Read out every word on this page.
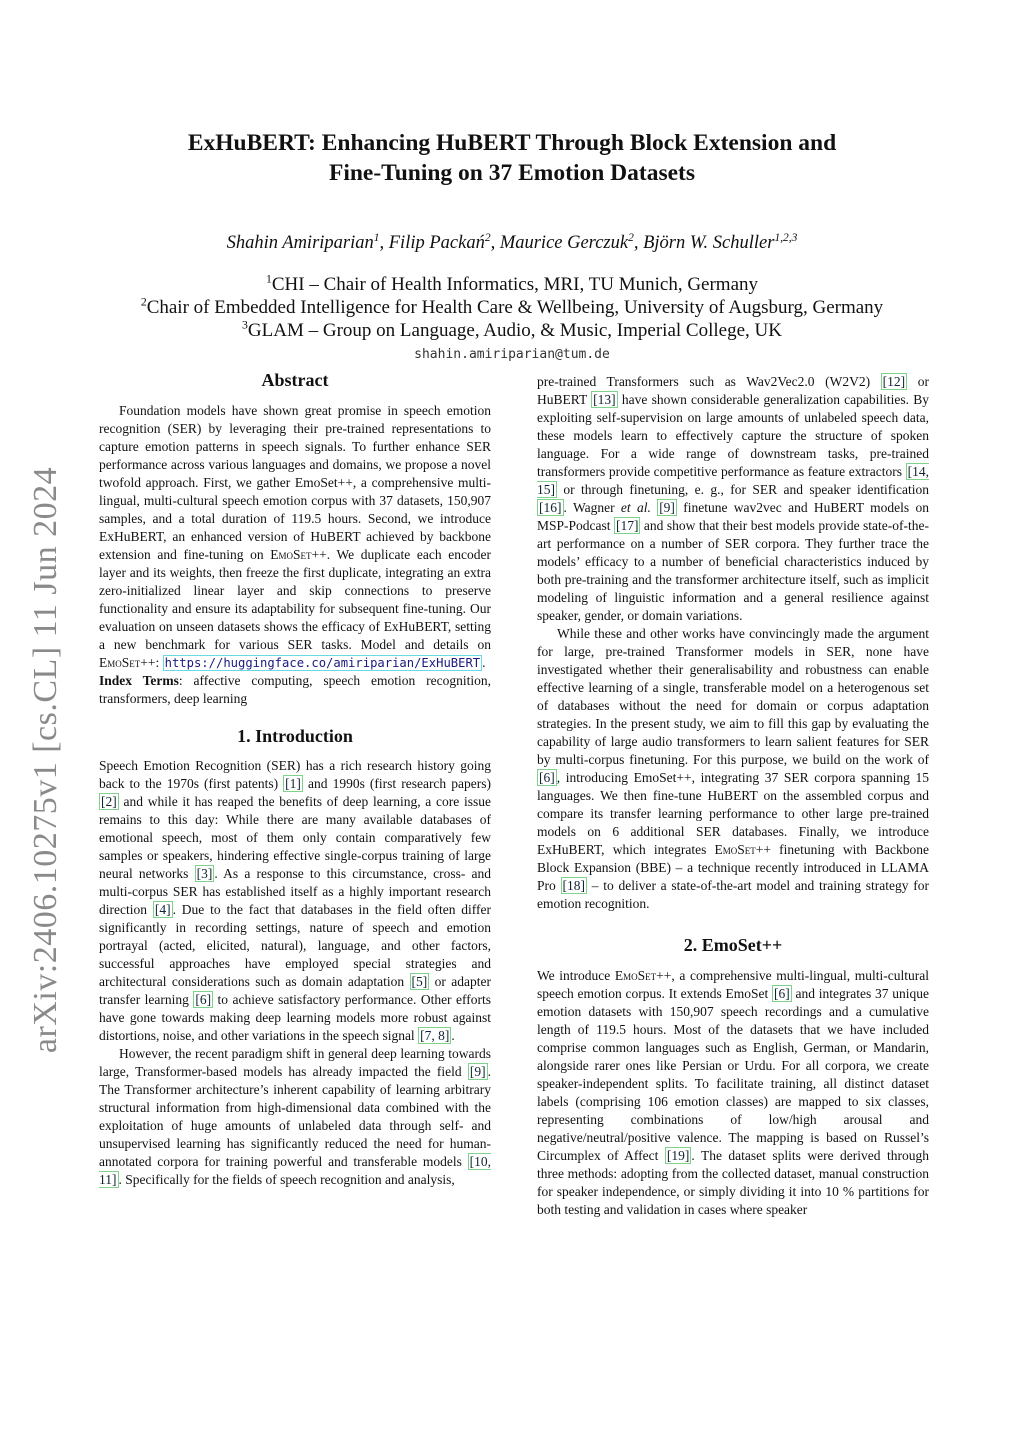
arXiv:2406.10275v1 [cs.CL] 11 Jun 2024
ExHuBERT: Enhancing HuBERT Through Block Extension and
Fine-Tuning on 37 Emotion Datasets
Shahin Amiriparian$^1$, Filip Packań$^2$, Maurice Gerczuk$^2$, Björn W. Schuller$^{1,2,3}$
$^1$CHI – Chair of Health Informatics, MRI, TU Munich, Germany
$^2$Chair of Embedded Intelligence for Health Care & Wellbeing, University of Augsburg, Germany
$^3$GLAM – Group on Language, Audio, & Music, Imperial College, UK
shahin.amiriparian@tum.de
Abstract

Foundation models have shown great promise in speech emotion recognition (SER) by leveraging their pre-trained representations to capture emotion patterns in speech signals. To further enhance SER performance across various languages and domains, we propose a novel twofold approach. First, we gather EmoSet++, a comprehensive multi-lingual, multi-cultural speech emotion corpus with 37 datasets, 150,907 samples, and a total duration of 119.5 hours. Second, we introduce ExHuBERT, an enhanced version of HuBERT achieved by backbone extension and fine-tuning on EmoSet++. We duplicate each encoder layer and its weights, then freeze the first duplicate, integrating an extra zero-initialized linear layer and skip connections to preserve functionality and ensure its adaptability for subsequent fine-tuning. Our evaluation on unseen datasets shows the efficacy of ExHuBERT, setting a new benchmark for various SER tasks. Model and details on EmoSet++: https://huggingface.co/amiriparian/ExHuBERT .

Index Terms: affective computing, speech emotion recognition, transformers, deep learning

1. Introduction

Speech Emotion Recognition (SER) has a rich research history going back to the 1970s (first patents) [1] and 1990s (first research papers) [2] and while it has reaped the benefits of deep learning, a core issue remains to this day: While there are many available databases of emotional speech, most of them only contain comparatively few samples or speakers, hindering effective single-corpus training of large neural networks [3] . As a response to this circumstance, cross- and multi-corpus SER has established itself as a highly important research direction [4] . Due to the fact that databases in the field often differ significantly in recording settings, nature of speech and emotion portrayal (acted, elicited, natural), language, and other factors, successful approaches have employed special strategies and architectural considerations such as domain adaptation [5] or adapter transfer learning [6] to achieve satisfactory performance. Other efforts have gone towards making deep learning models more robust against distortions, noise, and other variations in the speech signal [7, 8] .

However, the recent paradigm shift in general deep learning towards large, Transformer-based models has already impacted the field [9] . The Transformer architecture’s inherent capability of learning arbitrary structural information from high-dimensional data combined with the exploitation of huge amounts of unlabeled data through self- and unsupervised learning has significantly reduced the need for human-annotated corpora for training powerful and transferable models [10, 11] . Specifically for the fields of speech recognition and analysis,

pre-trained Transformers such as Wav2Vec2.0 (W2V2) [12] or HuBERT [13] have shown considerable generalization capabilities. By exploiting self-supervision on large amounts of unlabeled speech data, these models learn to effectively capture the structure of spoken language. For a wide range of downstream tasks, pre-trained transformers provide competitive performance as feature extractors [14, 15] or through finetuning, e. g., for SER and speaker identification [16] . Wagner et al. [9] finetune wav2vec and HuBERT models on MSP-Podcast [17] and show that their best models provide state-of-the-art performance on a number of SER corpora. They further trace the models’ efficacy to a number of beneficial characteristics induced by both pre-training and the transformer architecture itself, such as implicit modeling of linguistic information and a general resilience against speaker, gender, or domain variations.

While these and other works have convincingly made the argument for large, pre-trained Transformer models in SER, none have investigated whether their generalisability and robustness can enable effective learning of a single, transferable model on a heterogenous set of databases without the need for domain or corpus adaptation strategies. In the present study, we aim to fill this gap by evaluating the capability of large audio transformers to learn salient features for SER by multi-corpus finetuning. For this purpose, we build on the work of [6] , introducing EmoSet++, integrating 37 SER corpora spanning 15 languages. We then fine-tune HuBERT on the assembled corpus and compare its transfer learning performance to other large pre-trained models on 6 additional SER databases. Finally, we introduce ExHuBERT, which integrates EmoSet++ finetuning with Backbone Block Expansion (BBE) – a technique recently introduced in LLAMA Pro [18] – to deliver a state-of-the-art model and training strategy for emotion recognition.

2. EmoSet++

We introduce EmoSet++, a comprehensive multi-lingual, multi-cultural speech emotion corpus. It extends EmoSet [6] and integrates 37 unique emotion datasets with 150,907 speech recordings and a cumulative length of 119.5 hours. Most of the datasets that we have included comprise common languages such as English, German, or Mandarin, alongside rarer ones like Persian or Urdu. For all corpora, we create speaker-independent splits. To facilitate training, all distinct dataset labels (comprising 106 emotion classes) are mapped to six classes, representing combinations of low/high arousal and negative/neutral/positive valence. The mapping is based on Russel’s Circumplex of Affect [19] . The dataset splits were derived through three methods: adopting from the collected dataset, manual construction for speaker independence, or simply dividing it into 10 % partitions for both testing and validation in cases where speaker
